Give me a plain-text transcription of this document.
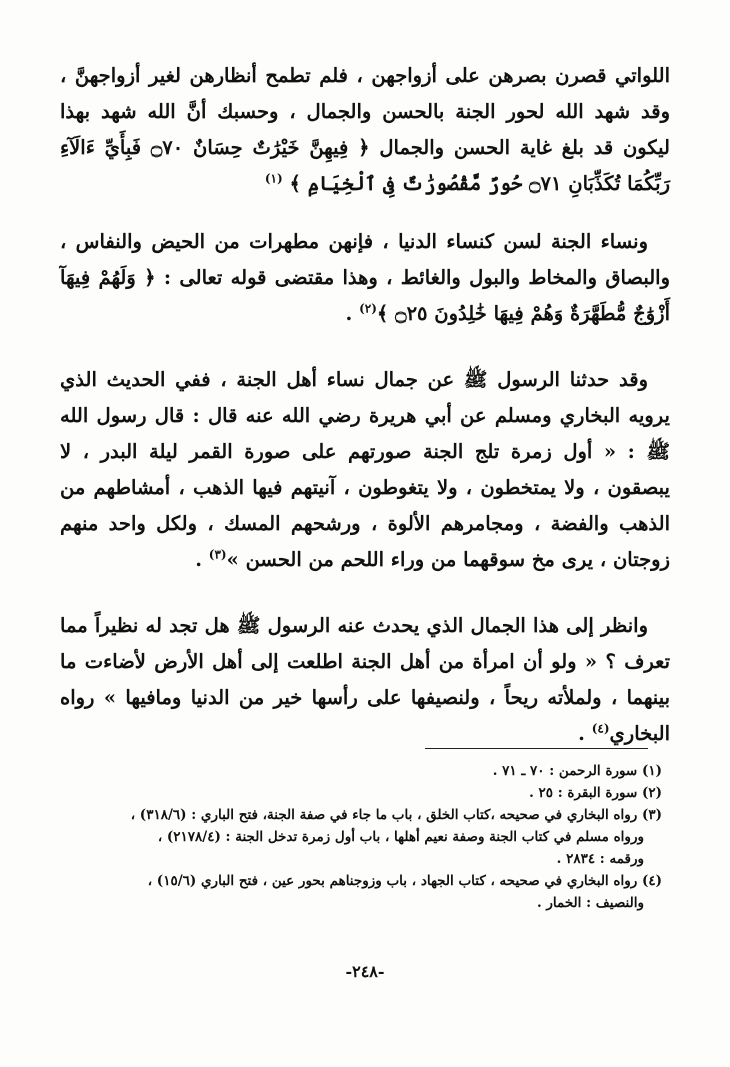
اللواتي قصرن بصرهن على أزواجهن ، فلم تطمح أنظارهن لغير أزواجهنَّ ، وقد شهد الله لحور الجنة بالحسن والجمال ، وحسبك أنَّ الله شهد بهذا ليكون قد بلغ غاية الحسن والجمال ﴿ فِيهِنَّ خَيْرَٰتٌ حِسَانٌ ۝٧٠ فَبِأَيِّ ءَالَآءِ رَبِّكُمَا تُكَذِّبَانِ ۝٧١ حُورٌ مَّقْصُورَٰتٌ فِى ٱلْخِيَامِ ﴾ $^{(١)}$

ونساء الجنة لسن كنساء الدنيا ، فإنهن مطهرات من الحيض والنفاس ، والبصاق والمخاط والبول والغائط ، وهذا مقتضى قوله تعالى : ﴿ وَلَهُمْ فِيهَآ أَزْوَٰجٌ مُّطَهَّرَةٌ وَهُمْ فِيهَا خَٰلِدُونَ ۝٢٥ ﴾$^{(٢)}$ .

وقد حدثنا الرسول ﷺ عن جمال نساء أهل الجنة ، ففي الحديث الذي يرويه البخاري ومسلم عن أبي هريرة رضي الله عنه قال : قال رسول الله ﷺ : « أول زمرة تلج الجنة صورتهم على صورة القمر ليلة البدر ، لا يبصقون ، ولا يمتخطون ، ولا يتغوطون ، آنيتهم فيها الذهب ، أمشاطهم من الذهب والفضة ، ومجامرهم الألوة ، ورشحهم المسك ، ولكل واحد منهم زوجتان ، يرى مخ سوقهما من وراء اللحم من الحسن »$^{(٣)}$ .

وانظر إلى هذا الجمال الذي يحدث عنه الرسول ﷺ هل تجد له نظيراً مما تعرف ؟ « ولو أن امرأة من أهل الجنة اطلعت إلى أهل الأرض لأضاءت ما بينهما ، ولملأته ريحاً ، ولنصيفها على رأسها خير من الدنيا ومافيها » رواه البخاري$^{(٤)}$ .

(١) سورة الرحمن : ٧٠ ـ ٧١ .

(٢) سورة البقرة : ٢٥ .

(٣) رواه البخاري في صحيحه ،كتاب الخلق ، باب ما جاء في صفة الجنة، فتح الباري : (٣١٨/٦) ،

ورواه مسلم في كتاب الجنة وصفة نعيم أهلها ، باب أول زمرة تدخل الجنة : (٢١٧٨/٤) ،

ورقمه : ٢٨٣٤ .

(٤) رواه البخاري في صحيحه ، كتاب الجهاد ، باب وزوجناهم بحور عين ، فتح الباري (١٥/٦) ،

والنصيف : الخمار .

-٢٤٨-
